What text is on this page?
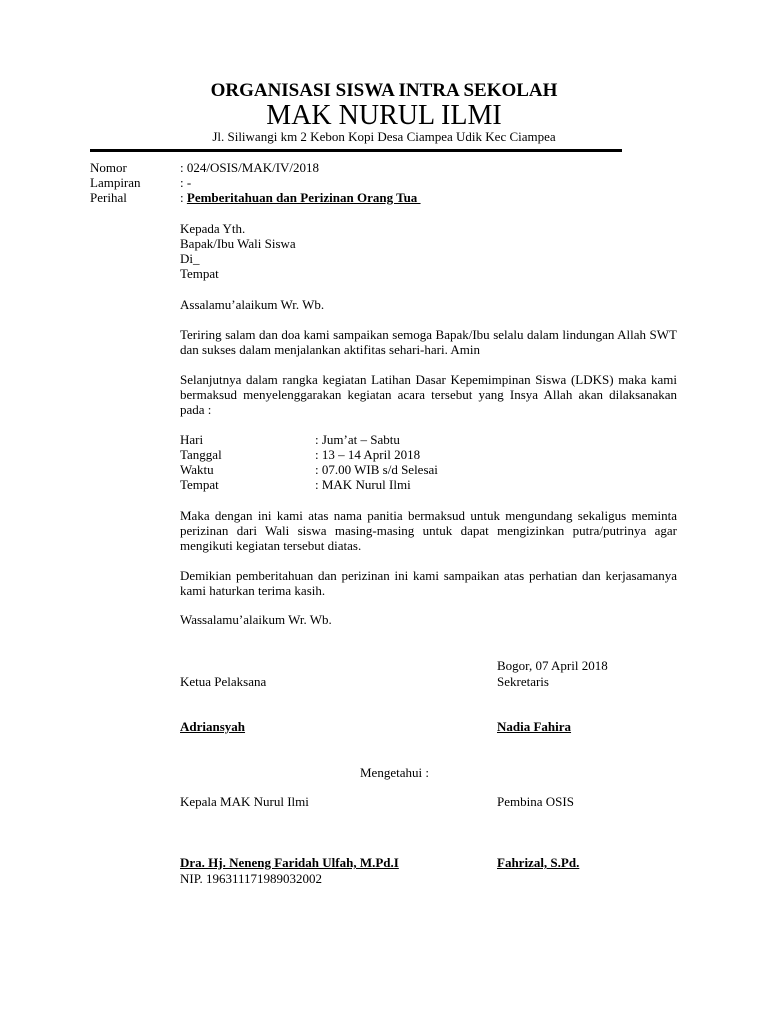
ORGANISASI SISWA INTRA SEKOLAH
MAK NURUL ILMI
Jl. Siliwangi km 2 Kebon Kopi Desa Ciampea Udik Kec Ciampea
Nomor	: 024/OSIS/MAK/IV/2018
Lampiran	: -
Perihal	: Pemberitahuan dan Perizinan Orang Tua
Kepada Yth.
Bapak/Ibu Wali Siswa
Di_
Tempat
Assalamu’alaikum Wr. Wb.
Teriring salam dan doa kami sampaikan semoga Bapak/Ibu selalu dalam lindungan Allah SWT dan sukses dalam menjalankan aktifitas sehari-hari. Amin
Selanjutnya dalam rangka kegiatan Latihan Dasar Kepemimpinan Siswa (LDKS) maka kami bermaksud menyelenggarakan kegiatan acara tersebut yang Insya Allah akan dilaksanakan pada :
Hari	: Jum’at – Sabtu
Tanggal	: 13 – 14 April 2018
Waktu	: 07.00 WIB s/d Selesai
Tempat	: MAK Nurul Ilmi
Maka dengan ini kami atas nama panitia bermaksud untuk mengundang sekaligus meminta perizinan dari Wali siswa masing-masing untuk dapat mengizinkan putra/putrinya agar mengikuti kegiatan tersebut diatas.
Demikian pemberitahuan dan perizinan ini kami sampaikan atas perhatian dan kerjasamanya kami haturkan terima kasih.
Wassalamu’alaikum Wr. Wb.
Bogor, 07 April 2018
Ketua Pelaksana	Sekretaris
Adriansyah	Nadia Fahira
Mengetahui :
Kepala MAK Nurul Ilmi	Pembina OSIS
Dra. Hj. Neneng Faridah Ulfah, M.Pd.I	Fahrizal, S.Pd.
NIP. 196311171989032002
